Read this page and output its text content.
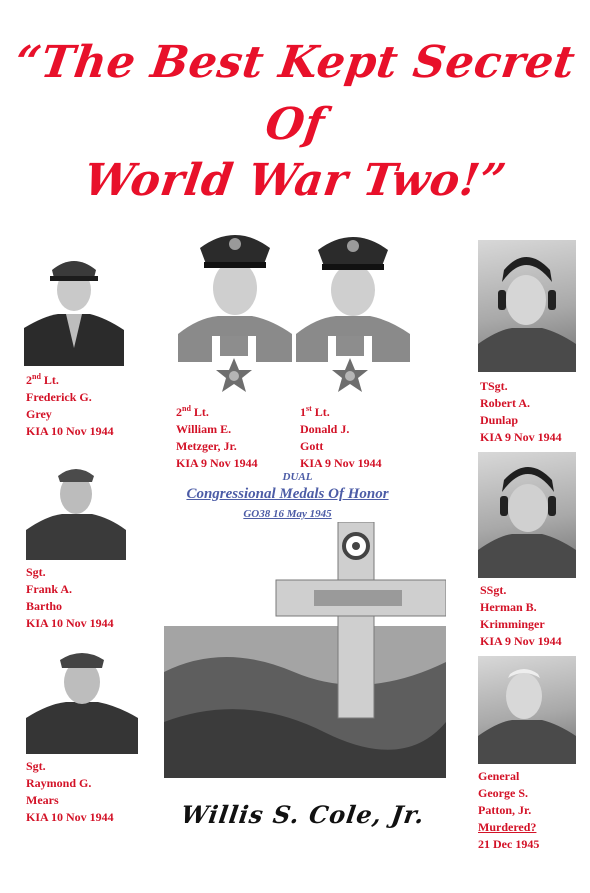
“The Best Kept Secret
Of
World War Two!”
2nd Lt.
Frederick G.
Grey
KIA 10 Nov 1944
2nd Lt.
William E.
Metzger, Jr.
KIA 9 Nov 1944
1st Lt.
Donald J.
Gott
KIA 9 Nov 1944
TSgt.
Robert A.
Dunlap
KIA 9 Nov 1944
Sgt.
Frank A.
Bartho
KIA 10 Nov 1944
SSgt.
Herman B.
Krimminger
KIA 9 Nov 1944
DUAL
Congressional Medals Of Honor
GO38 16 May 1945
Sgt.
Raymond G.
Mears
KIA 10 Nov 1944
General
George S.
Patton, Jr.
Murdered?
21 Dec 1945
Willis S. Cole, Jr.
